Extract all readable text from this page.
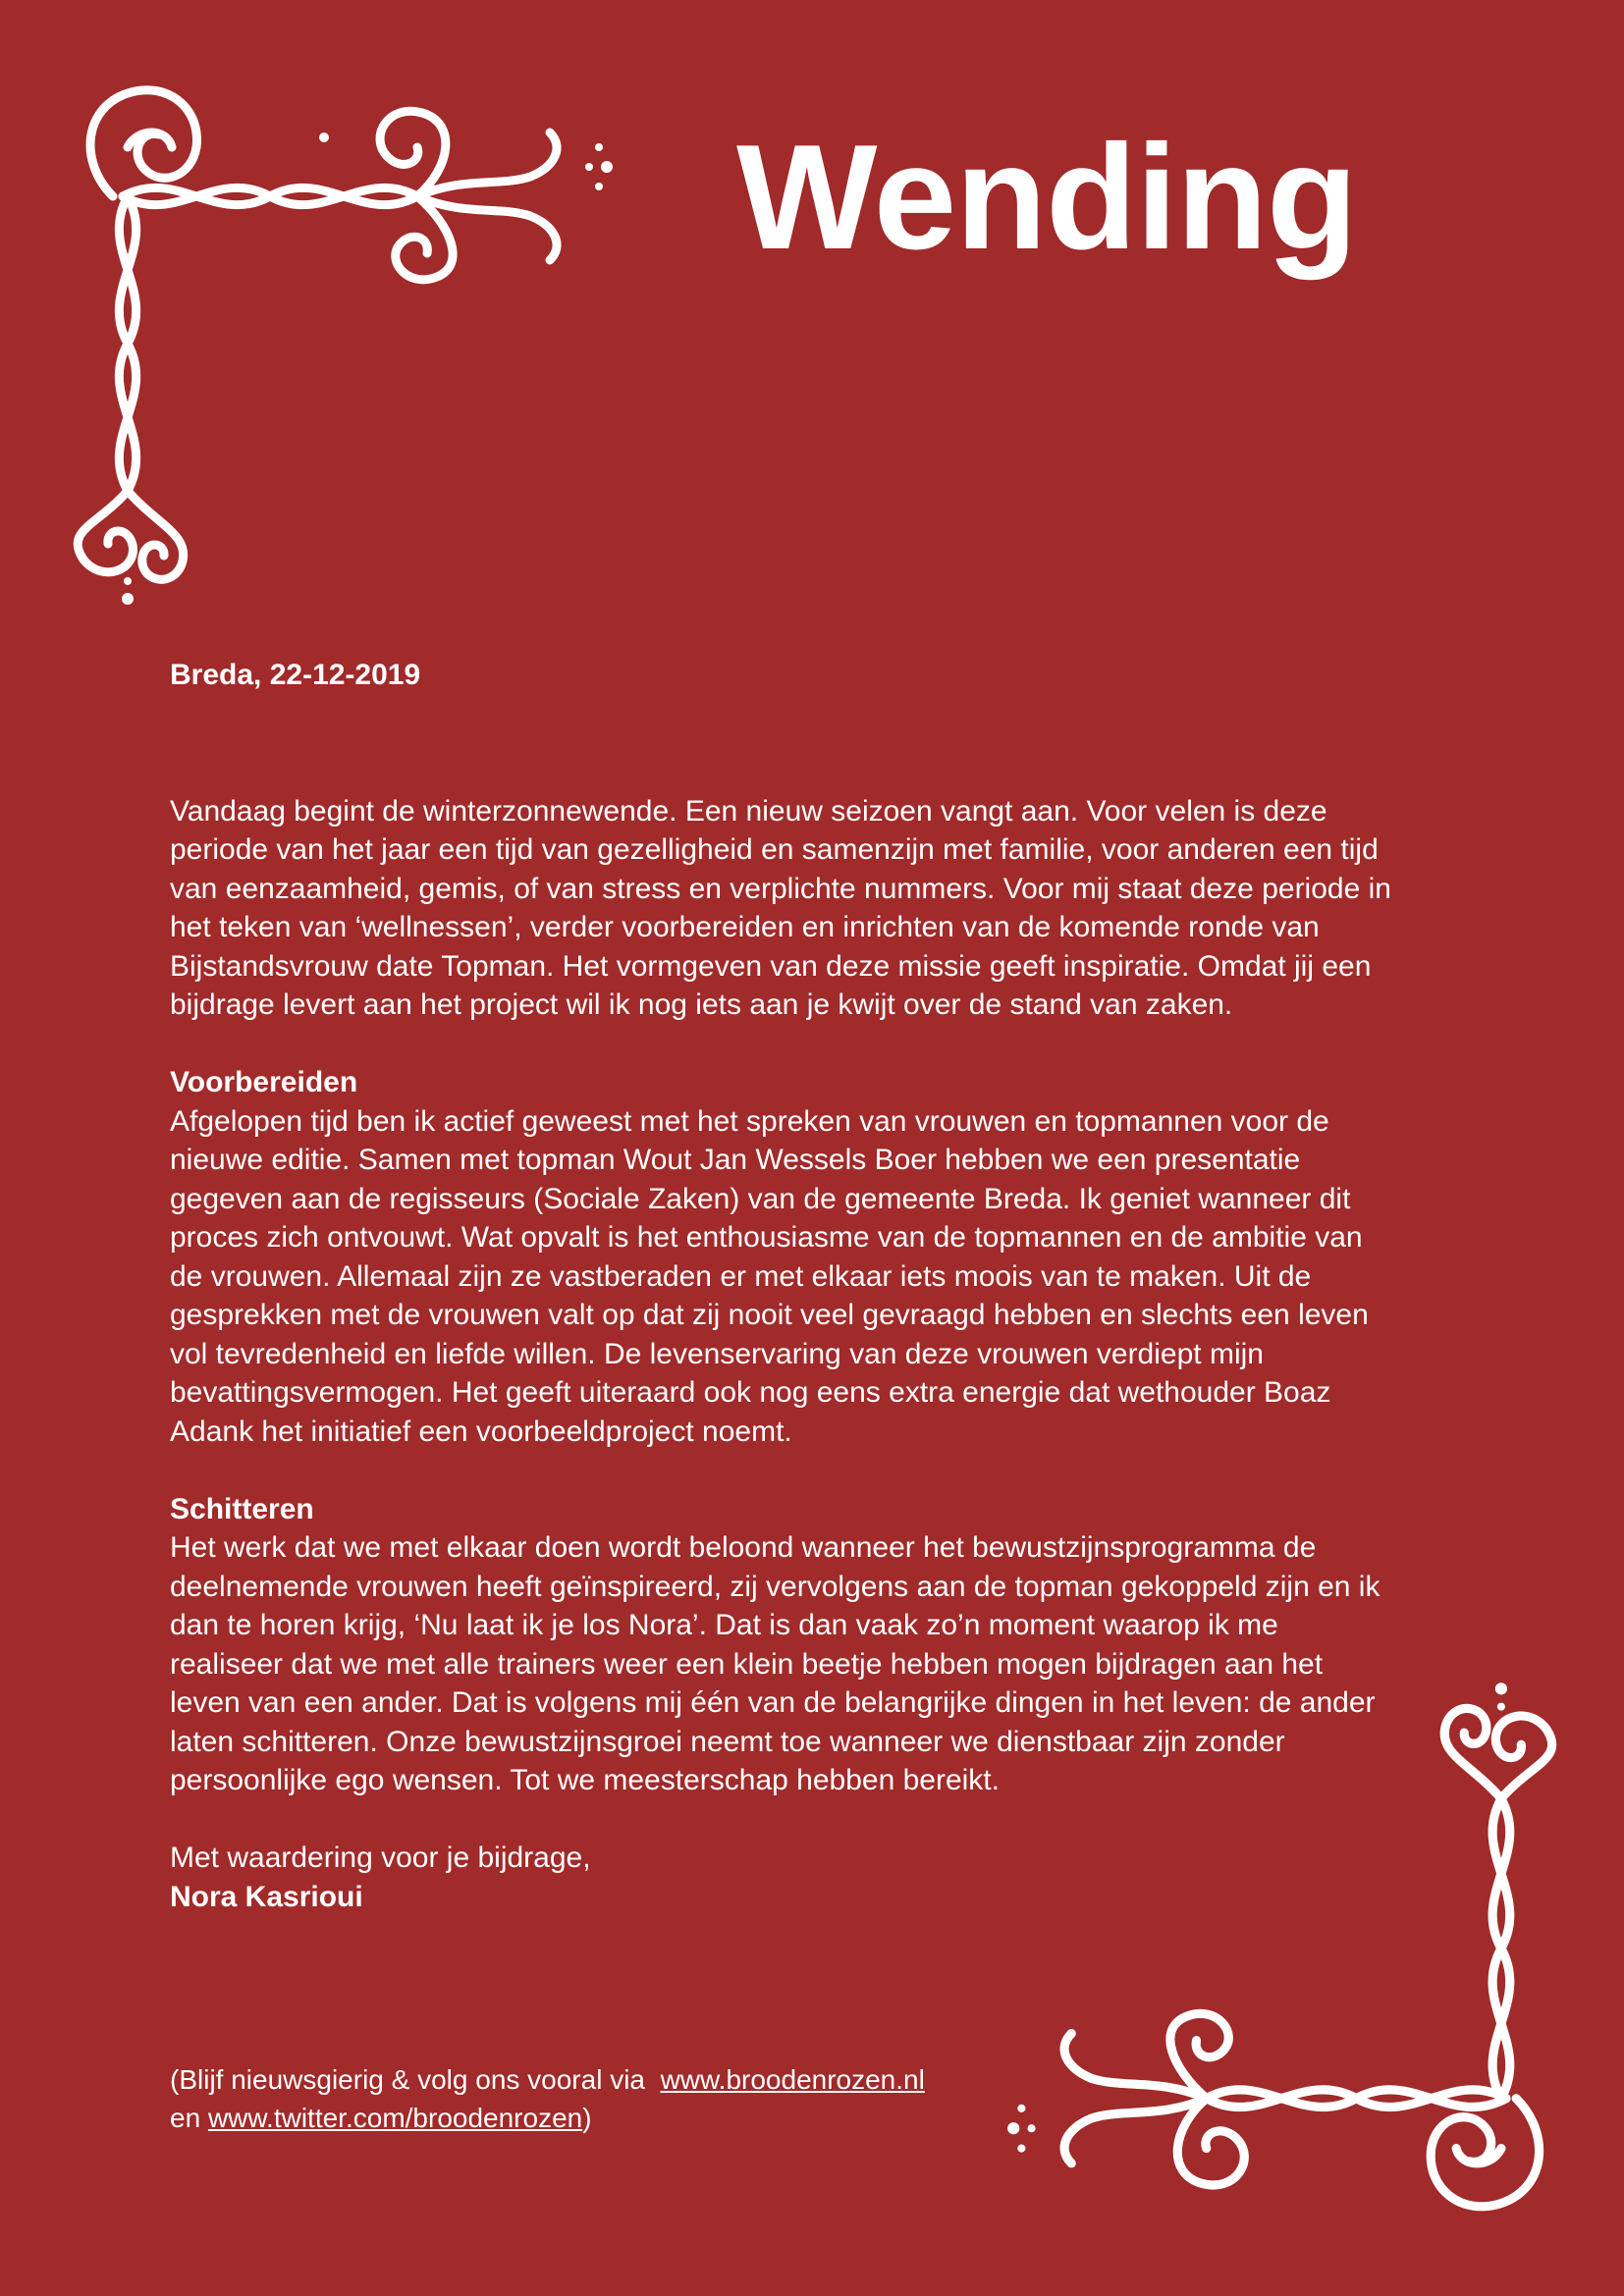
Wending

Breda, 22-12-2019

Vandaag begint de winterzonnewende. Een nieuw seizoen vangt aan. Voor velen is deze periode van het jaar een tijd van gezelligheid en samenzijn met familie, voor anderen een tijd van eenzaamheid, gemis, of van stress en verplichte nummers. Voor mij staat deze periode in het teken van ‘wellnessen’, verder voorbereiden en inrichten van de komende ronde van Bijstandsvrouw date Topman. Het vormgeven van deze missie geeft inspiratie. Omdat jij een bijdrage levert aan het project wil ik nog iets aan je kwijt over de stand van zaken.

Voorbereiden

Afgelopen tijd ben ik actief geweest met het spreken van vrouwen en topmannen voor de nieuwe editie. Samen met topman Wout Jan Wessels Boer hebben we een presentatie gegeven aan de regisseurs (Sociale Zaken) van de gemeente Breda. Ik geniet wanneer dit proces zich ontvouwt. Wat opvalt is het enthousiasme van de topmannen en de ambitie van de vrouwen. Allemaal zijn ze vastberaden er met elkaar iets moois van te maken. Uit de gesprekken met de vrouwen valt op dat zij nooit veel gevraagd hebben en slechts een leven vol tevredenheid en liefde willen. De levenservaring van deze vrouwen verdiept mijn bevattingsvermogen. Het geeft uiteraard ook nog eens extra energie dat wethouder Boaz Adank het initiatief een voorbeeldproject noemt.

Schitteren

Het werk dat we met elkaar doen wordt beloond wanneer het bewustzijnsprogramma de deelnemende vrouwen heeft geïnspireerd, zij vervolgens aan de topman gekoppeld zijn en ik dan te horen krijg, ‘Nu laat ik je los Nora’. Dat is dan vaak zo’n moment waarop ik me realiseer dat we met alle trainers weer een klein beetje hebben mogen bijdragen aan het leven van een ander. Dat is volgens mij één van de belangrijke dingen in het leven: de ander laten schitteren. Onze bewustzijnsgroei neemt toe wanneer we dienstbaar zijn zonder persoonlijke ego wensen. Tot we meesterschap hebben bereikt.

Met waardering voor je bijdrage,

Nora Kasrioui

(Blijf nieuwsgierig & volg ons vooral via www.broodenrozen.nl
en www.twitter.com/broodenrozen)
